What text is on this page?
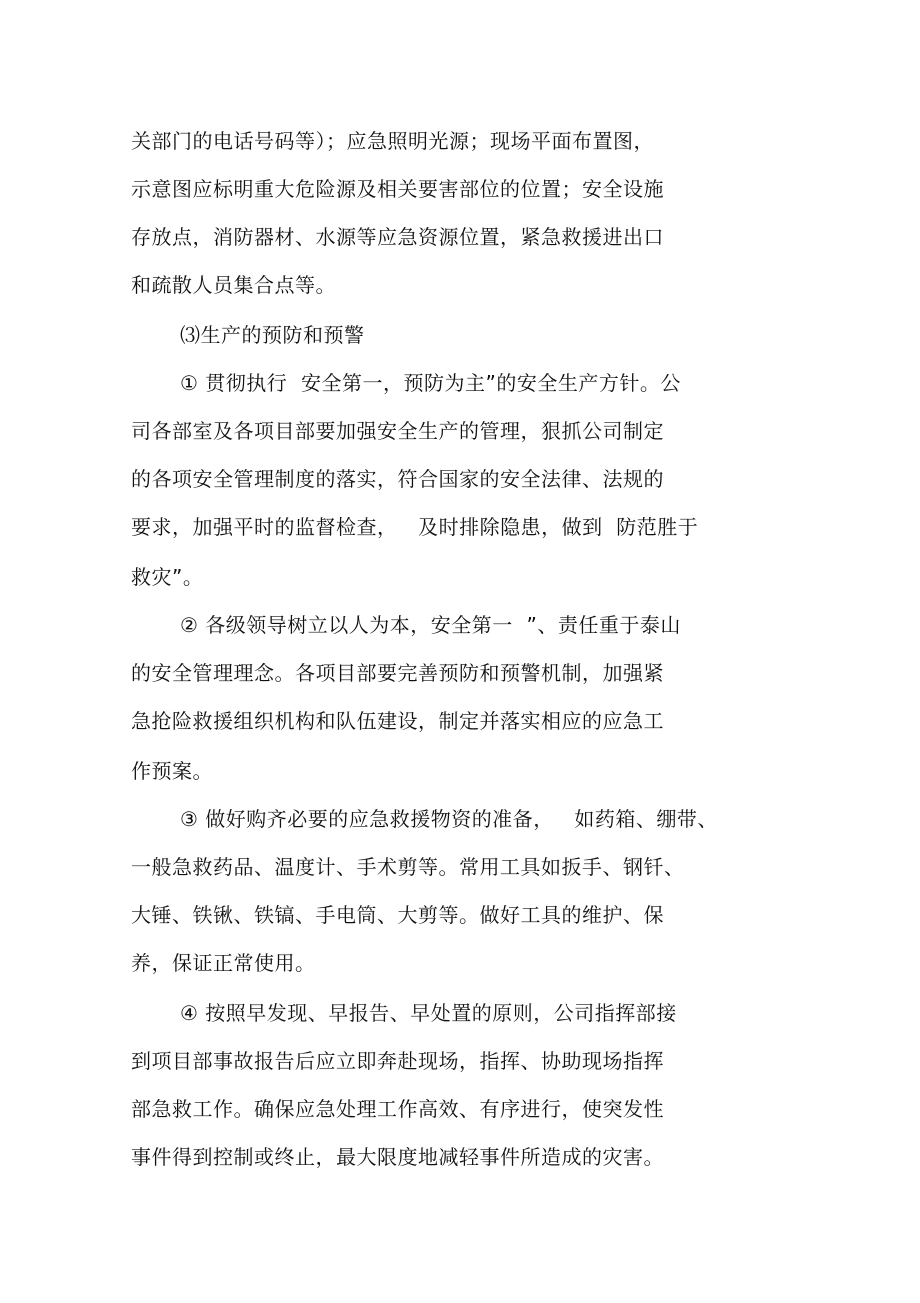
关部门的电话号码等）；应急照明光源；现场平面布置图，
示意图应标明重大危险源及相关要害部位的位置；安全设施
存放点，消防器材、水源等应急资源位置，紧急救援进出口
和疏散人员集合点等。
⑶生产的预防和预警
① 贯彻执行  安全第一，预防为主”的安全生产方针。公
司各部室及各项目部要加强安全生产的管理，狠抓公司制定
的各项安全管理制度的落实，符合国家的安全法律、法规的
要求，加强平时的监督检查，   及时排除隐患，做到  防范胜于
救灾”。
② 各级领导树立以人为本，安全第一  ”、责任重于泰山
的安全管理理念。各项目部要完善预防和预警机制，加强紧
急抢险救援组织机构和队伍建设，制定并落实相应的应急工
作预案。
③ 做好购齐必要的应急救援物资的准备，   如药箱、绷带、
一般急救药品、温度计、手术剪等。常用工具如扳手、钢钎、
大锤、铁锹、铁镐、手电筒、大剪等。做好工具的维护、保
养，保证正常使用。
④ 按照早发现、早报告、早处置的原则，公司指挥部接
到项目部事故报告后应立即奔赴现场，指挥、协助现场指挥
部急救工作。确保应急处理工作高效、有序进行，使突发性
事件得到控制或终止，最大限度地减轻事件所造成的灾害。
